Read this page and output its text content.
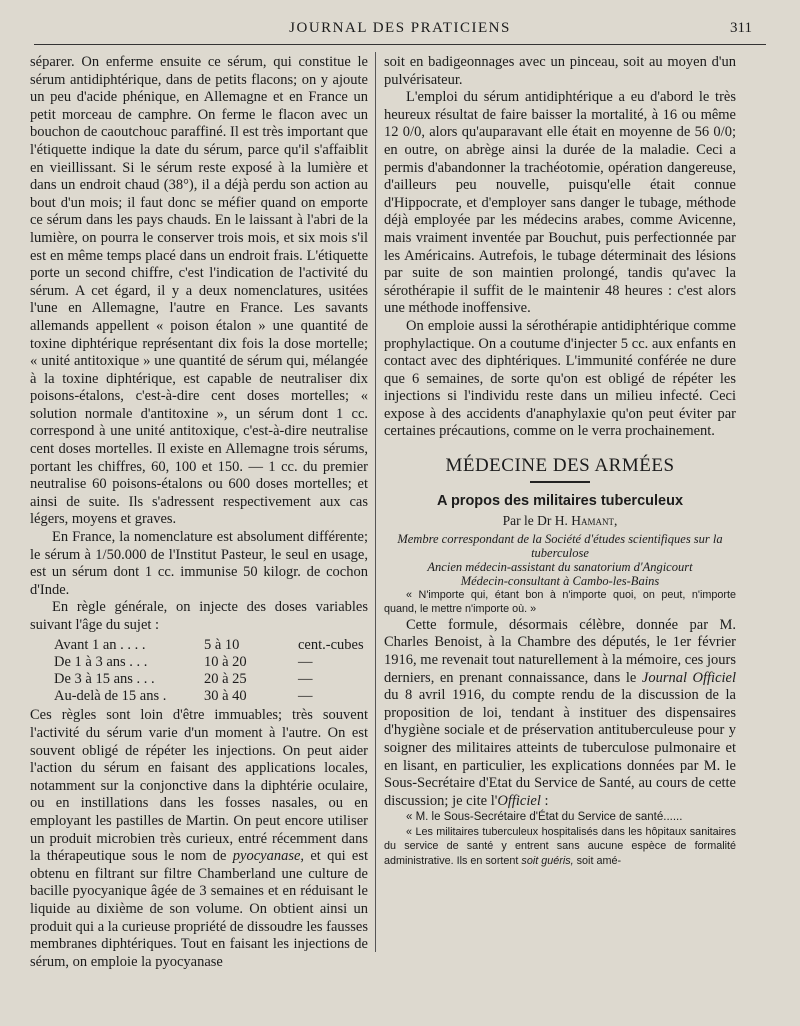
JOURNAL DES PRATICIENS	311

séparer. On enferme ensuite ce sérum, qui constitue le sérum antidiphtérique, dans de petits flacons; on y ajoute un peu d'acide phénique, en Allemagne et en France un petit morceau de camphre. On ferme le flacon avec un bouchon de caoutchouc paraffiné. Il est très important que l'étiquette indique la date du sérum, parce qu'il s'affaiblit en vieillissant. Si le sérum reste exposé à la lumière et dans un endroit chaud (38°), il a déjà perdu son action au bout d'un mois; il faut donc se méfier quand on emporte ce sérum dans les pays chauds. En le laissant à l'abri de la lumière, on pourra le conserver trois mois, et six mois s'il est en même temps placé dans un endroit frais. L'étiquette porte un second chiffre, c'est l'indication de l'activité du sérum. A cet égard, il y a deux nomenclatures, usitées l'une en Allemagne, l'autre en France. Les savants allemands appellent « poison étalon » une quantité de toxine diphtérique représentant dix fois la dose mortelle; « unité antitoxique » une quantité de sérum qui, mélangée à la toxine diphtérique, est capable de neutraliser dix poisons-étalons, c'est-à-dire cent doses mortelles; « solution normale d'antitoxine », un sérum dont 1 cc. correspond à une unité antitoxique, c'est-à-dire neutralise cent doses mortelles. Il existe en Allemagne trois sérums, portant les chiffres, 60, 100 et 150. — 1 cc. du premier neutralise 60 poisons-étalons ou 600 doses mortelles; et ainsi de suite. Ils s'adressent respectivement aux cas légers, moyens et graves.

En France, la nomenclature est absolument différente; le sérum à 1/50.000 de l'Institut Pasteur, le seul en usage, est un sérum dont 1 cc. immunise 50 kilogr. de cochon d'Inde.

En règle générale, on injecte des doses variables suivant l'âge du sujet :

Avant 1 an . . . .	5 à 10	cent.-cubes
De 1 à 3 ans . . .	10 à 20	—
De 3 à 15 ans . . .	20 à 25	—
Au-delà de 15 ans .	30 à 40	—

Ces règles sont loin d'être immuables; très souvent l'activité du sérum varie d'un moment à l'autre. On est souvent obligé de répéter les injections. On peut aider l'action du sérum en faisant des applications locales, notamment sur la conjonctive dans la diphtérie oculaire, ou en instillations dans les fosses nasales, ou en employant les pastilles de Martin. On peut encore utiliser un produit microbien très curieux, entré récemment dans la thérapeutique sous le nom de pyocyanase, et qui est obtenu en filtrant sur filtre Chamberland une culture de bacille pyocyanique âgée de 3 semaines et en réduisant le liquide au dixième de son volume. On obtient ainsi un produit qui a la curieuse propriété de dissoudre les fausses membranes diphtériques. Tout en faisant les injections de sérum, on emploie la pyocyanase

soit en badigeonnages avec un pinceau, soit au moyen d'un pulvérisateur.

L'emploi du sérum antidiphtérique a eu d'abord le très heureux résultat de faire baisser la mortalité, à 16 ou même 12 0/0, alors qu'auparavant elle était en moyenne de 56 0/0; en outre, on abrège ainsi la durée de la maladie. Ceci a permis d'abandonner la trachéotomie, opération dangereuse, d'ailleurs peu nouvelle, puisqu'elle était connue d'Hippocrate, et d'employer sans danger le tubage, méthode déjà employée par les médecins arabes, comme Avicenne, mais vraiment inventée par Bouchut, puis perfectionnée par les Américains. Autrefois, le tubage déterminait des lésions par suite de son maintien prolongé, tandis qu'avec la sérothérapie il suffit de le maintenir 48 heures : c'est alors une méthode inoffensive.

On emploie aussi la sérothérapie antidiphtérique comme prophylactique. On a coutume d'injecter 5 cc. aux enfants en contact avec des diphtériques. L'immunité conférée ne dure que 6 semaines, de sorte qu'on est obligé de répéter les injections si l'individu reste dans un milieu infecté. Ceci expose à des accidents d'anaphylaxie qu'on peut éviter par certaines précautions, comme on le verra prochainement.

MÉDECINE DES ARMÉES
A propos des militaires tuberculeux
Par le Dr H. Hamant,
Membre correspondant de la Société d'études scientifiques sur la tuberculose
Ancien médecin-assistant du sanatorium d'Angicourt
Médecin-consultant à Cambo-les-Bains

« N'importe qui, étant bon à n'importe quoi, on peut, n'importe quand, le mettre n'importe où. »

Cette formule, désormais célèbre, donnée par M. Charles Benoist, à la Chambre des députés, le 1er février 1916, me revenait tout naturellement à la mémoire, ces jours derniers, en prenant connaissance, dans le Journal Officiel du 8 avril 1916, du compte rendu de la discussion de la proposition de loi, tendant à instituer des dispensaires d'hygiène sociale et de préservation antituberculeuse pour y soigner des militaires atteints de tuberculose pulmonaire et en lisant, en particulier, les explications données par M. le Sous-Secrétaire d'Etat du Service de Santé, au cours de cette discussion; je cite l'Officiel :

« M. le Sous-Secrétaire d'État du Service de santé......

« Les militaires tuberculeux hospitalisés dans les hôpitaux sanitaires du service de santé y entrent sans aucune espèce de formalité administrative. Ils en sortent soit guéris, soit amé-
